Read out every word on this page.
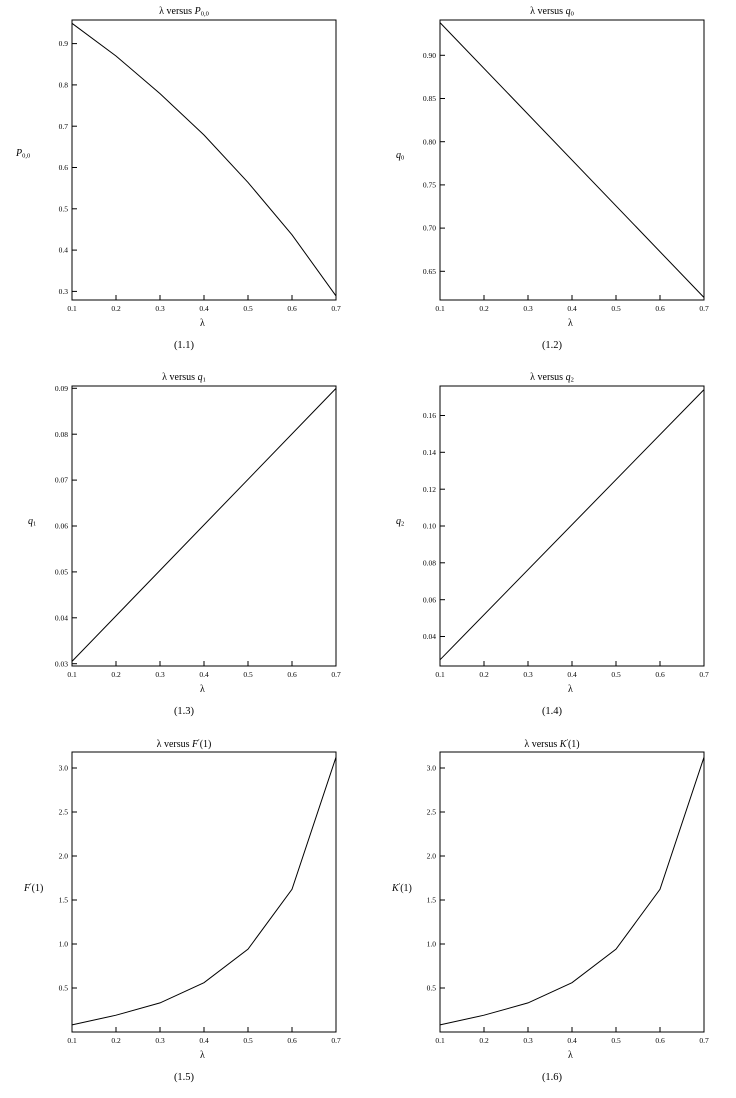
λ versus $P_{0,0}$
0.1	0.2	0.3	0.4	0.5	0.6	0.7
0.3
0.4
0.5
0.6
0.7
0.8
0.9
$P_{0,0}$
λ
(1.1)
λ versus $q_0$
0.1	0.2	0.3	0.4	0.5	0.6	0.7
0.65
0.70
0.75
0.80
0.85
0.90
$q_0$
λ
(1.2)
λ versus $q_1$
0.1	0.2	0.3	0.4	0.5	0.6	0.7
0.03
0.04
0.05
0.06
0.07
0.08
0.09
$q_1$
λ
(1.3)
λ versus $q_2$
0.1	0.2	0.3	0.4	0.5	0.6	0.7
0.04
0.06
0.08
0.10
0.12
0.14
0.16
$q_2$
λ
(1.4)
λ versus F′(1)
0.1	0.2	0.3	0.4	0.5	0.6	0.7
0.5
1.0
1.5
2.0
2.5
3.0
F′(1)
λ
(1.5)
λ versus K′(1)
0.1	0.2	0.3	0.4	0.5	0.6	0.7
0.5
1.0
1.5
2.0
2.5
3.0
K′(1)
λ
(1.6)
